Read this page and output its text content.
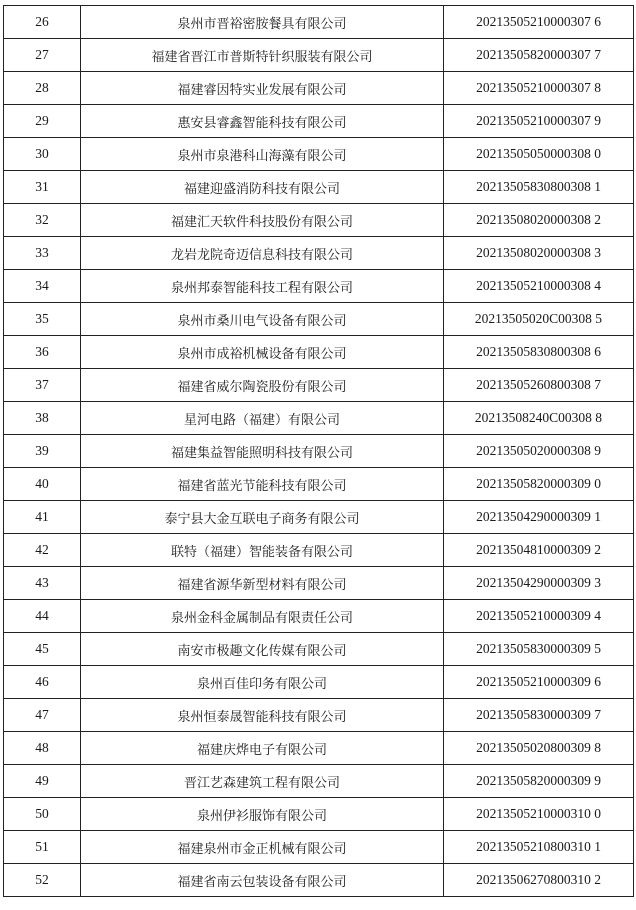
26	泉州市晋裕密胺餐具有限公司	20213505210000307 6
27	福建省晋江市普斯特针织服装有限公司	20213505820000307 7
28	福建睿因特实业发展有限公司	20213505210000307 8
29	惠安县睿鑫智能科技有限公司	20213505210000307 9
30	泉州市泉港科山海藻有限公司	20213505050000308 0
31	福建迎盛消防科技有限公司	20213505830800308 1
32	福建汇天软件科技股份有限公司	20213508020000308 2
33	龙岩龙院奇迈信息科技有限公司	20213508020000308 3
34	泉州邦泰智能科技工程有限公司	20213505210000308 4
35	泉州市桑川电气设备有限公司	20213505020C00308 5
36	泉州市成裕机械设备有限公司	20213505830800308 6
37	福建省威尔陶瓷股份有限公司	20213505260800308 7
38	星河电路（福建）有限公司	20213508240C00308 8
39	福建集益智能照明科技有限公司	20213505020000308 9
40	福建省蓝光节能科技有限公司	20213505820000309 0
41	泰宁县大金互联电子商务有限公司	20213504290000309 1
42	联特（福建）智能装备有限公司	20213504810000309 2
43	福建省源华新型材料有限公司	20213504290000309 3
44	泉州金科金属制品有限责任公司	20213505210000309 4
45	南安市极趣文化传媒有限公司	20213505830000309 5
46	泉州百佳印务有限公司	20213505210000309 6
47	泉州恒泰晟智能科技有限公司	20213505830000309 7
48	福建庆烨电子有限公司	20213505020800309 8
49	晋江艺森建筑工程有限公司	20213505820000309 9
50	泉州伊衫服饰有限公司	20213505210000310 0
51	福建泉州市金正机械有限公司	20213505210800310 1
52	福建省南云包装设备有限公司	20213506270800310 2
